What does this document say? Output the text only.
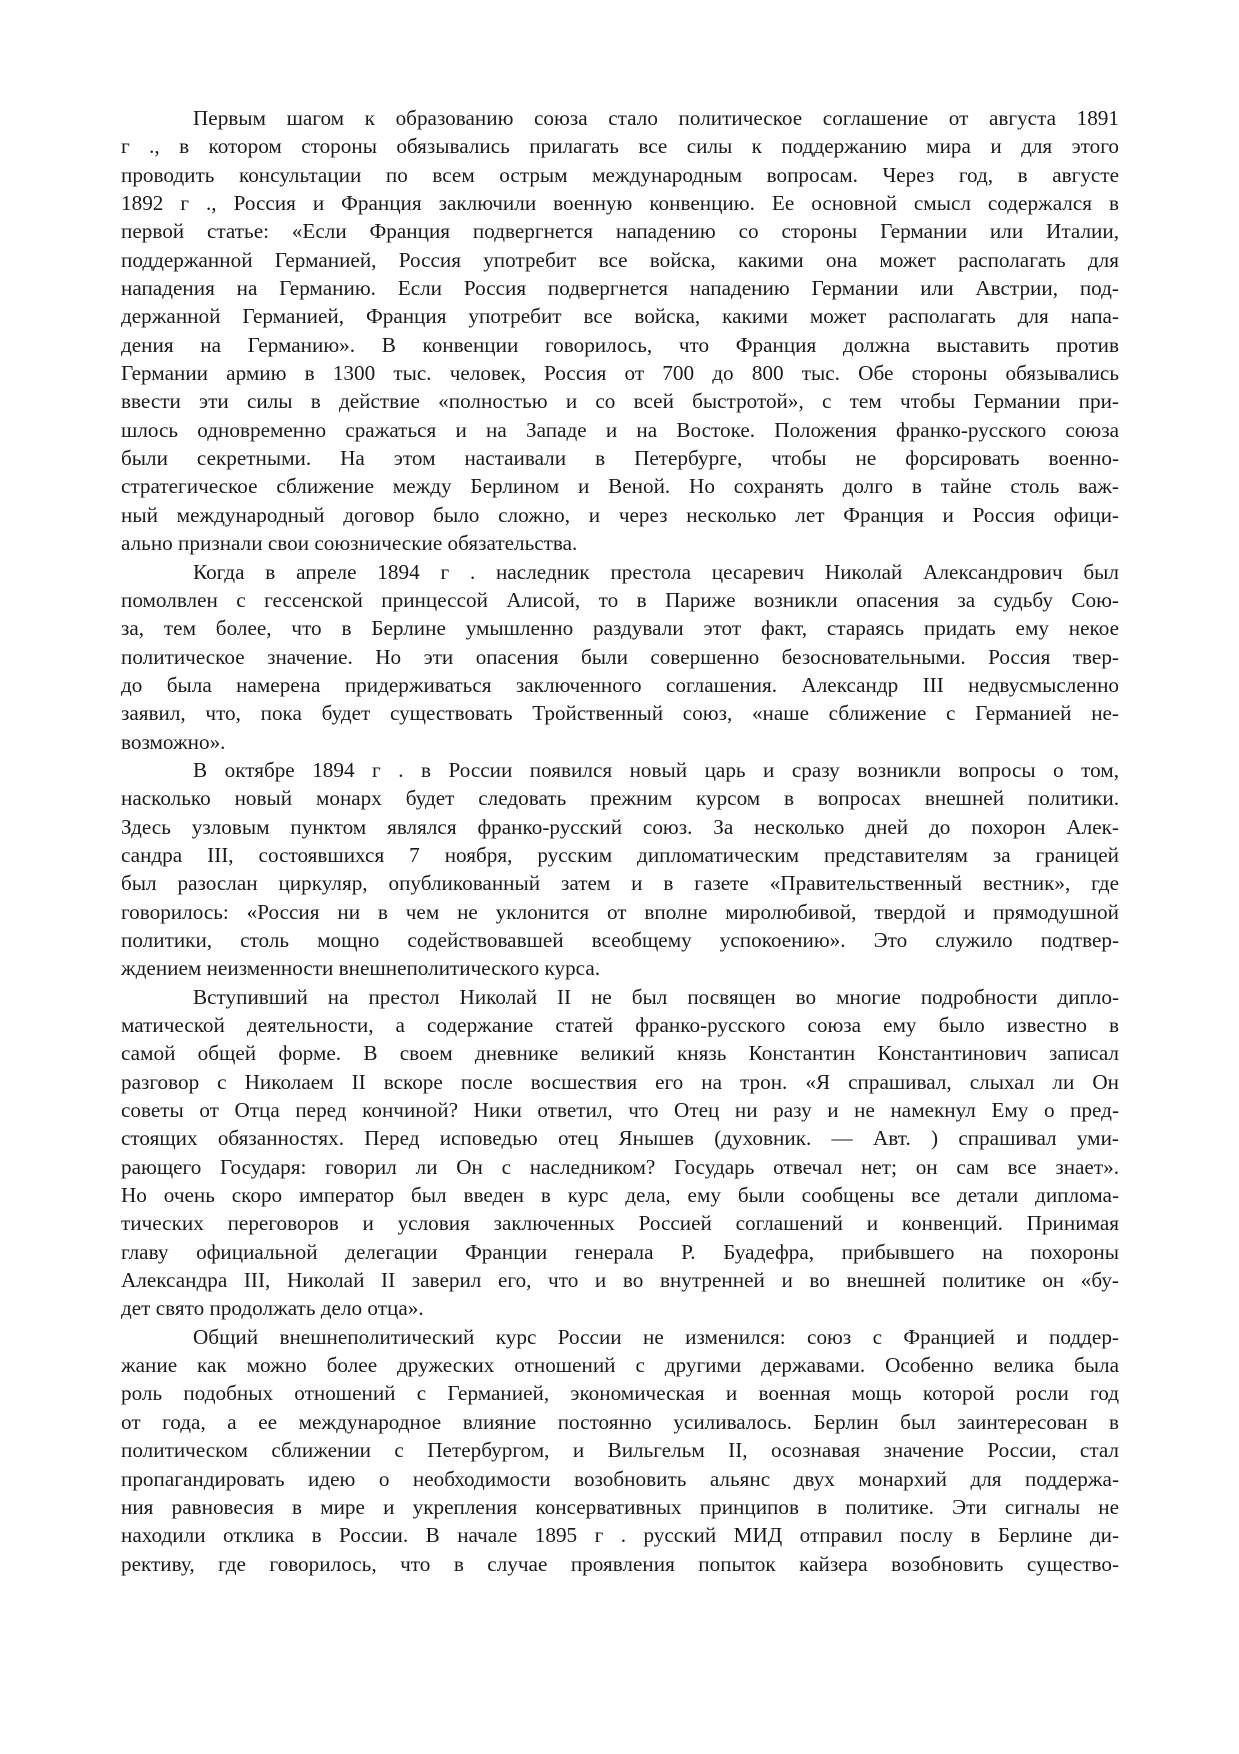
Первым шагом к образованию союза стало политическое соглашение от августа 1891
г ., в котором стороны обязывались прилагать все силы к поддержанию мира и для этого
проводить консультации по всем острым международным вопросам. Через год, в августе
1892 г ., Россия и Франция заключили военную конвенцию. Ее основной смысл содержался в
первой статье: «Если Франция подвергнется нападению со стороны Германии или Италии,
поддержанной Германией, Россия употребит все войска, какими она может располагать для
нападения на Германию. Если Россия подвергнется нападению Германии или Австрии, под-
держанной Германией, Франция употребит все войска, какими может располагать для напа-
дения на Германию». В конвенции говорилось, что Франция должна выставить против
Германии армию в 1300 тыс. человек, Россия от 700 до 800 тыс. Обе стороны обязывались
ввести эти силы в действие «полностью и со всей быстротой», с тем чтобы Германии при-
шлось одновременно сражаться и на Западе и на Востоке. Положения франко-русского союза
были секретными. На этом настаивали в Петербурге, чтобы не форсировать военно-
стратегическое сближение между Берлином и Веной. Но сохранять долго в тайне столь важ-
ный международный договор было сложно, и через несколько лет Франция и Россия офици-
ально признали свои союзнические обязательства.
Когда в апреле 1894 г . наследник престола цесаревич Николай Александрович был
помолвлен с гессенской принцессой Алисой, то в Париже возникли опасения за судьбу Сою-
за, тем более, что в Берлине умышленно раздували этот факт, стараясь придать ему некое
политическое значение. Но эти опасения были совершенно безосновательными. Россия твер-
до была намерена придерживаться заключенного соглашения. Александр III недвусмысленно
заявил, что, пока будет существовать Тройственный союз, «наше сближение с Германией не-
возможно».
В октябре 1894 г . в России появился новый царь и сразу возникли вопросы о том,
насколько новый монарх будет следовать прежним курсом в вопросах внешней политики.
Здесь узловым пунктом являлся франко-русский союз. За несколько дней до похорон Алек-
сандра III, состоявшихся 7 ноября, русским дипломатическим представителям за границей
был разослан циркуляр, опубликованный затем и в газете «Правительственный вестник», где
говорилось: «Россия ни в чем не уклонится от вполне миролюбивой, твердой и прямодушной
политики, столь мощно содействовавшей всеобщему успокоению». Это служило подтвер-
ждением неизменности внешнеполитического курса.
Вступивший на престол Николай II не был посвящен во многие подробности дипло-
матической деятельности, а содержание статей франко-русского союза ему было известно в
самой общей форме. В своем дневнике великий князь Константин Константинович записал
разговор с Николаем II вскоре после восшествия его на трон. «Я спрашивал, слыхал ли Он
советы от Отца перед кончиной? Ники ответил, что Отец ни разу и не намекнул Ему о пред-
стоящих обязанностях. Перед исповедью отец Янышев (духовник. — Авт. ) спрашивал уми-
рающего Государя: говорил ли Он с наследником? Государь отвечал нет; он сам все знает».
Но очень скоро император был введен в курс дела, ему были сообщены все детали диплома-
тических переговоров и условия заключенных Россией соглашений и конвенций. Принимая
главу официальной делегации Франции генерала Р. Буадефра, прибывшего на похороны
Александра III, Николай II заверил его, что и во внутренней и во внешней политике он «бу-
дет свято продолжать дело отца».
Общий внешнеполитический курс России не изменился: союз с Францией и поддер-
жание как можно более дружеских отношений с другими державами. Особенно велика была
роль подобных отношений с Германией, экономическая и военная мощь которой росли год
от года, а ее международное влияние постоянно усиливалось. Берлин был заинтересован в
политическом сближении с Петербургом, и Вильгельм II, осознавая значение России, стал
пропагандировать идею о необходимости возобновить альянс двух монархий для поддержа-
ния равновесия в мире и укрепления консервативных принципов в политике. Эти сигналы не
находили отклика в России. В начале 1895 г . русский МИД отправил послу в Берлине ди-
рективу, где говорилось, что в случае проявления попыток кайзера возобновить существо-
